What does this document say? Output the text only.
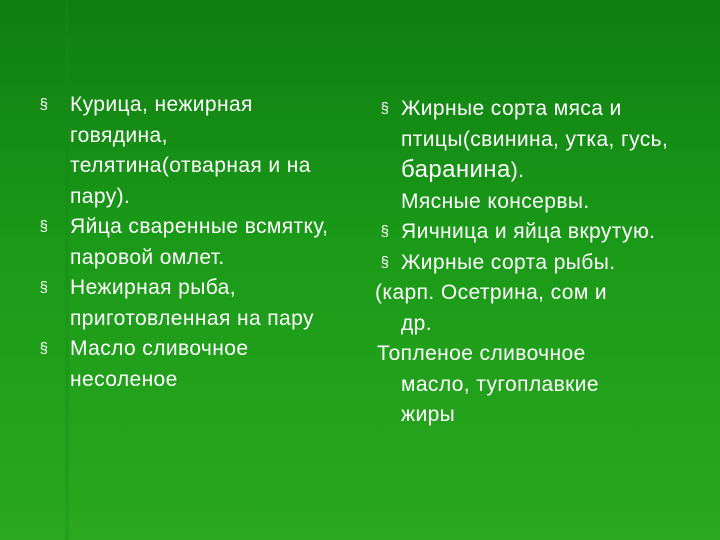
§	Курица, нежирная говядина, телятина(отварная и на пару).
§	Яйца сваренные всмятку, паровой омлет.
§	Нежирная рыба, приготовленная на пару
§	Масло сливочное несоленое
§ Жирные сорта мяса и птицы(свинина, утка, гусь, баранина).
Мясные консервы.
§ Яичница и яйца вкрутую.
§ Жирные сорта рыбы.
(карп. Осетрина, сом и
др.
Топленое сливочное
масло, тугоплавкие
жиры
